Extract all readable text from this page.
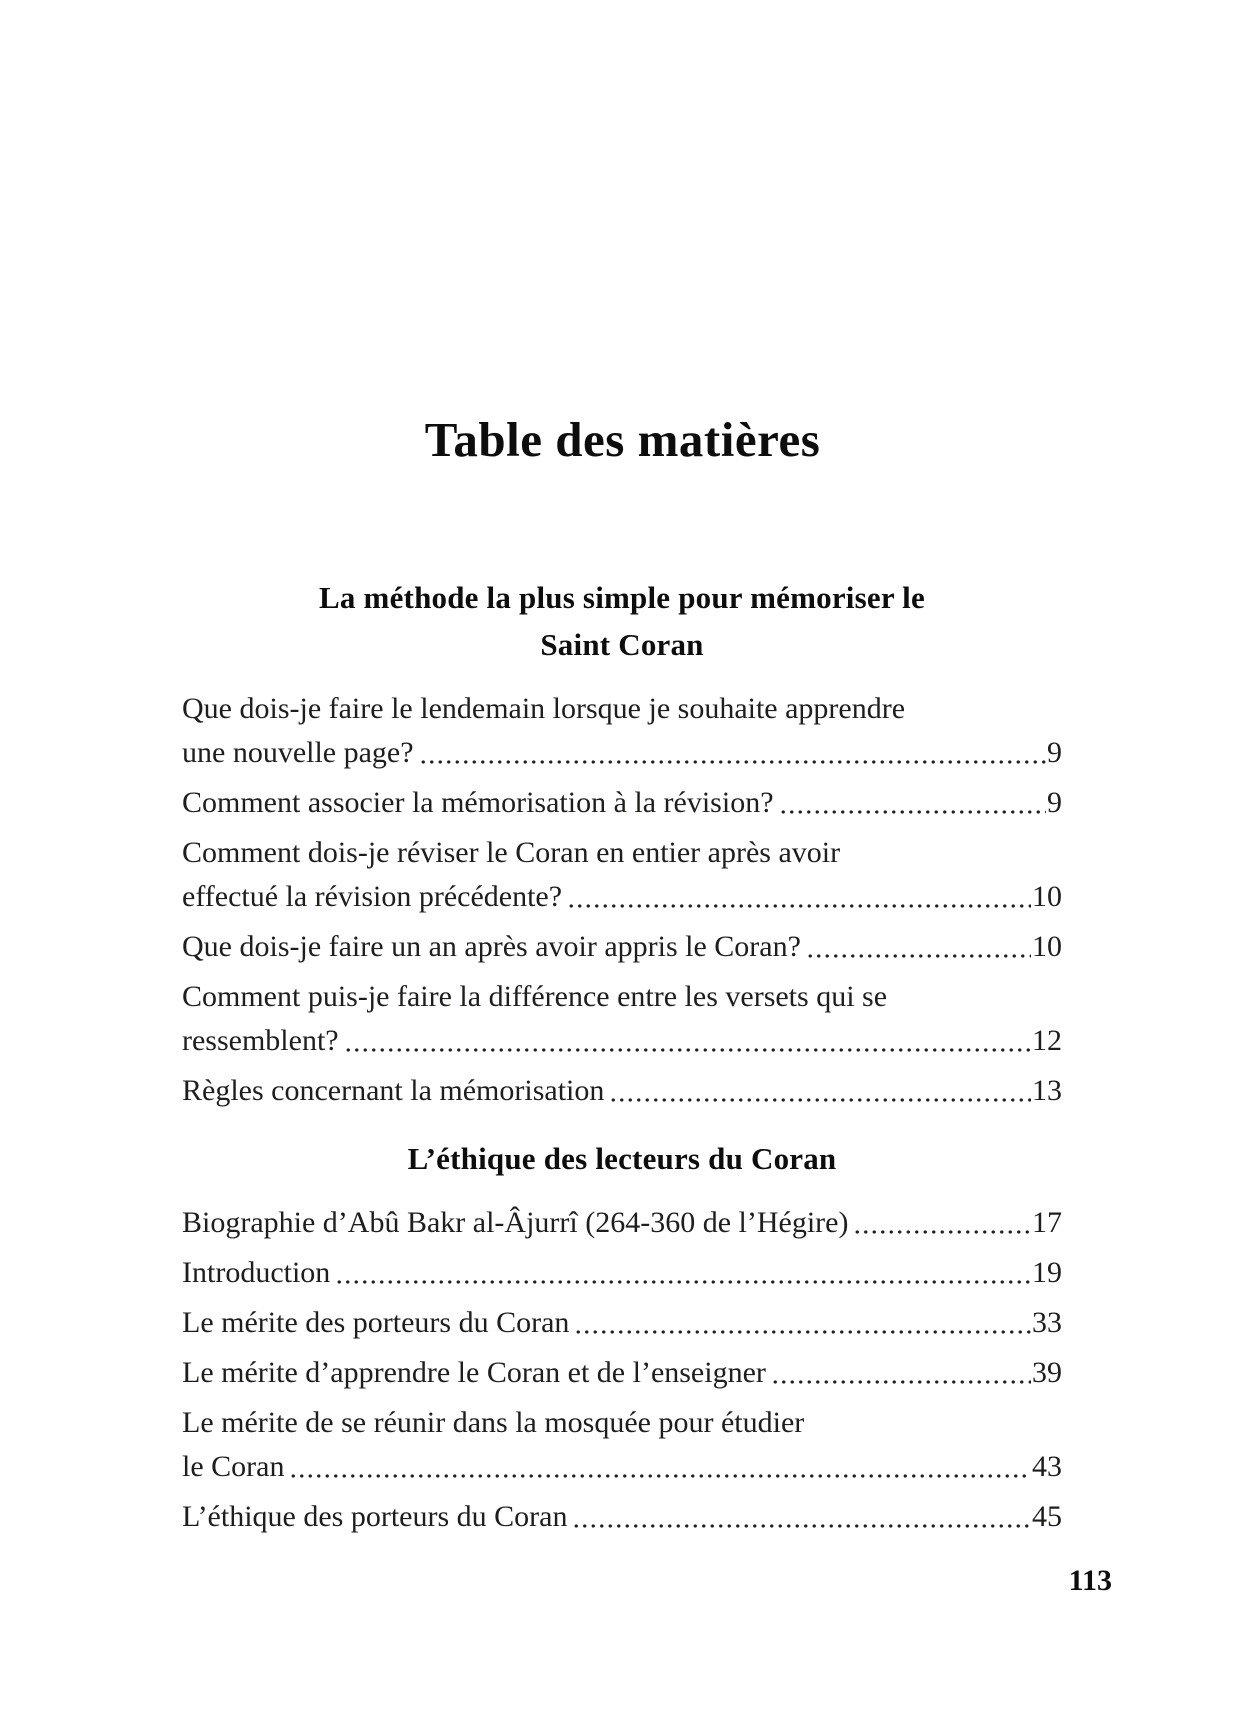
Table des matières
La méthode la plus simple pour mémoriser le
Saint Coran
Que dois-je faire le lendemain lorsque je souhaite apprendre
une nouvelle page?	9
Comment associer la mémorisation à la révision?	9
Comment dois-je réviser le Coran en entier après avoir
effectué la révision précédente?	10
Que dois-je faire un an après avoir appris le Coran?	10
Comment puis-je faire la différence entre les versets qui se
ressemblent?	12
Règles concernant la mémorisation	13
L’éthique des lecteurs du Coran
Biographie d’Abû Bakr al-Âjurrî (264-360 de l’Hégire)	17
Introduction	19
Le mérite des porteurs du Coran	33
Le mérite d’apprendre le Coran et de l’enseigner	39
Le mérite de se réunir dans la mosquée pour étudier
le Coran	43
L’éthique des porteurs du Coran	45
113
